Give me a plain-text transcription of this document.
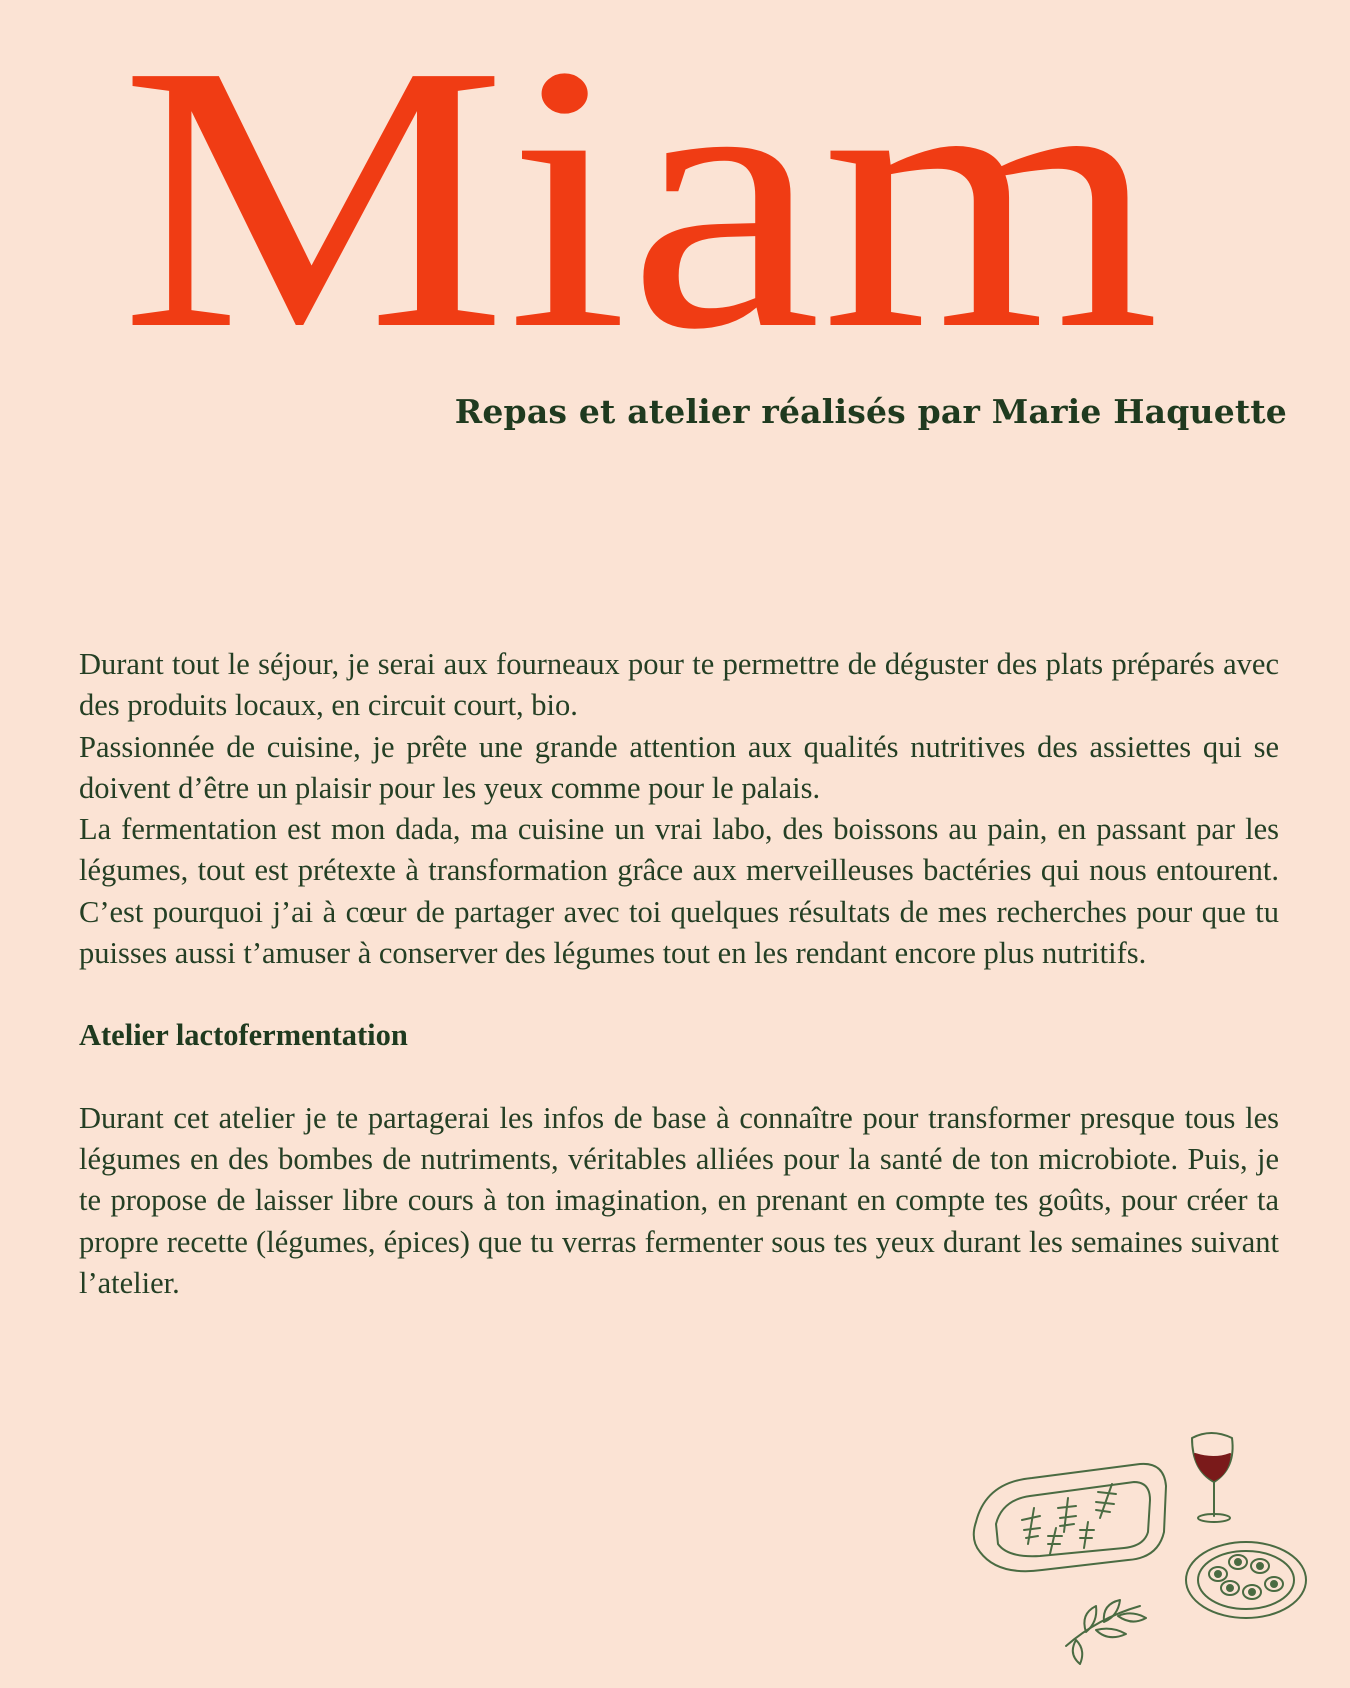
Miam
Repas et atelier réalisés par Marie Haquette

Durant tout le séjour, je serai aux fourneaux pour te permettre de déguster des plats préparés avec des produits locaux, en circuit court, bio.

Passionnée de cuisine, je prête une grande attention aux qualités nutritives des assiettes qui se doivent d’être un plaisir pour les yeux comme pour le palais.

La fermentation est mon dada, ma cuisine un vrai labo, des boissons au pain, en passant par les légumes, tout est prétexte à transformation grâce aux merveilleuses bactéries qui nous entourent. C’est pourquoi j’ai à cœur de partager avec toi quelques résultats de mes recherches pour que tu puisses aussi t’amuser à conserver des légumes tout en les rendant encore plus nutritifs.

Atelier lactofermentation

Durant cet atelier je te partagerai les infos de base à connaître pour transformer presque tous les légumes en des bombes de nutriments, véritables alliées pour la santé de ton microbiote. Puis, je te propose de laisser libre cours à ton imagination, en prenant en compte tes goûts, pour créer ta propre recette (légumes, épices) que tu verras fermenter sous tes yeux durant les semaines suivant l’atelier.
